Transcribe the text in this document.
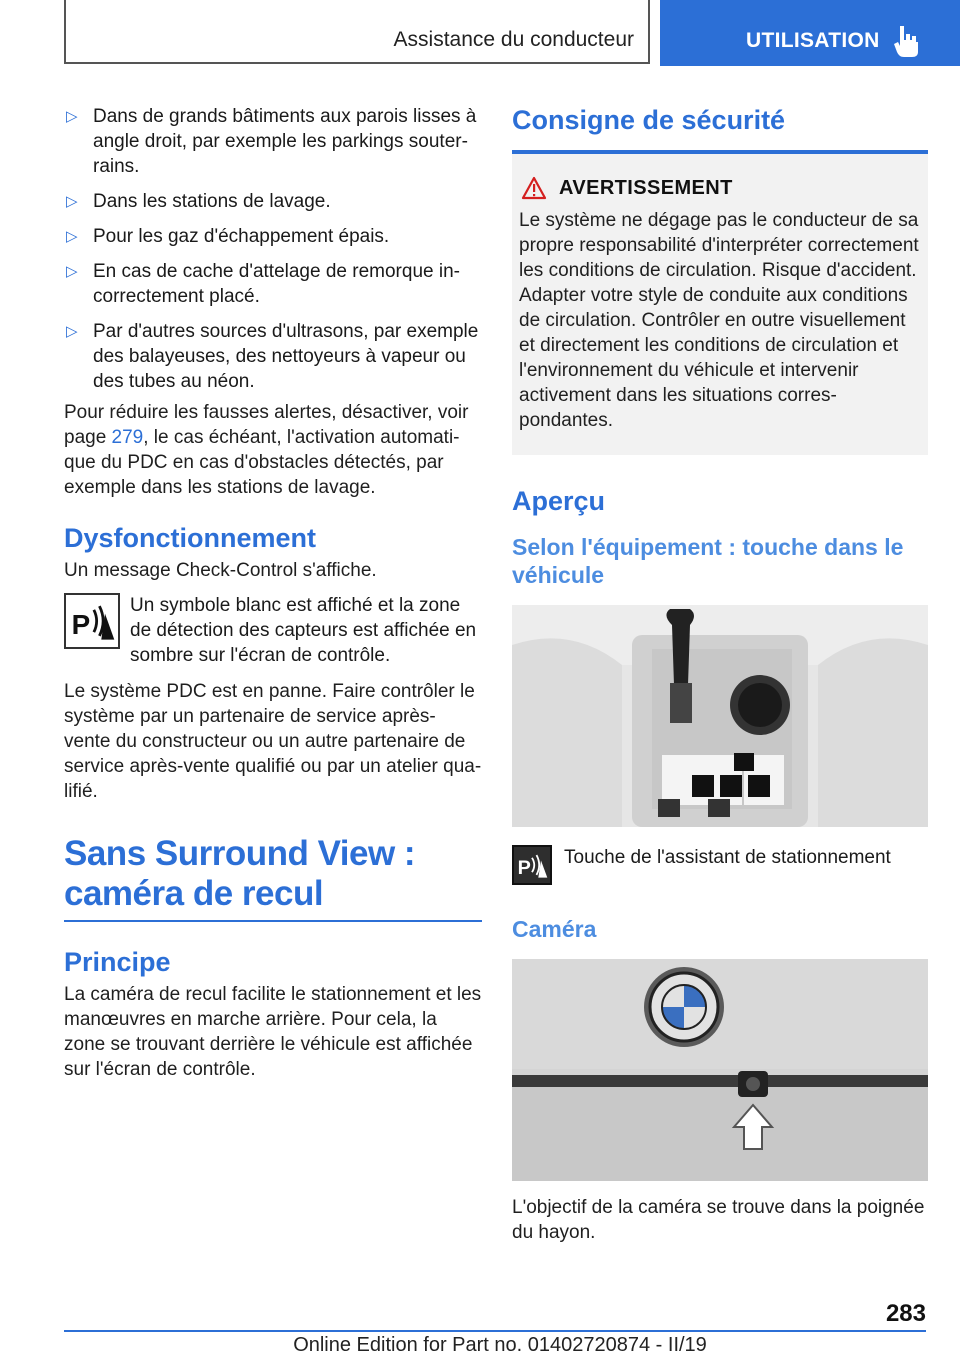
Assistance du conducteur	UTILISATION
▷ Dans de grands bâtiments aux parois lisses à angle droit, par exemple les parkings souterrains.
▷ Dans les stations de lavage.
▷ Pour les gaz d'échappement épais.
▷ En cas de cache d'attelage de remorque incorrectement placé.
▷ Par d'autres sources d'ultrasons, par exemple des balayeuses, des nettoyeurs à vapeur ou des tubes au néon.

Pour réduire les fausses alertes, désactiver, voir page 279, le cas échéant, l'activation automatique du PDC en cas d'obstacles détectés, par exemple dans les stations de lavage.

Dysfonctionnement

Un message Check-Control s'affiche.

P

Un symbole blanc est affiché et la zone de détection des capteurs est affichée en sombre sur l'écran de contrôle.

Le système PDC est en panne. Faire contrôler le système par un partenaire de service après-vente du constructeur ou un autre partenaire de service après-vente qualifié ou par un atelier qualifié.

Sans Surround View : caméra de recul
Principe

La caméra de recul facilite le stationnement et les manœuvres en marche arrière. Pour cela, la zone se trouvant derrière le véhicule est affichée sur l'écran de contrôle.

Consigne de sécurité
AVERTISSEMENT

Le système ne dégage pas le conducteur de sa propre responsabilité d'interpréter correctement les conditions de circulation. Risque d'accident. Adapter votre style de conduite aux conditions de circulation. Contrôler en outre visuellement et directement les conditions de circulation et l'environnement du véhicule et intervenir activement dans les situations correspondantes.

Aperçu
Selon l'équipement : touche dans le véhicule
P Touche de l'assistant de stationnement

Caméra

L'objectif de la caméra se trouve dans la poignée du hayon.

283
Online Edition for Part no. 01402720874 - II/19
